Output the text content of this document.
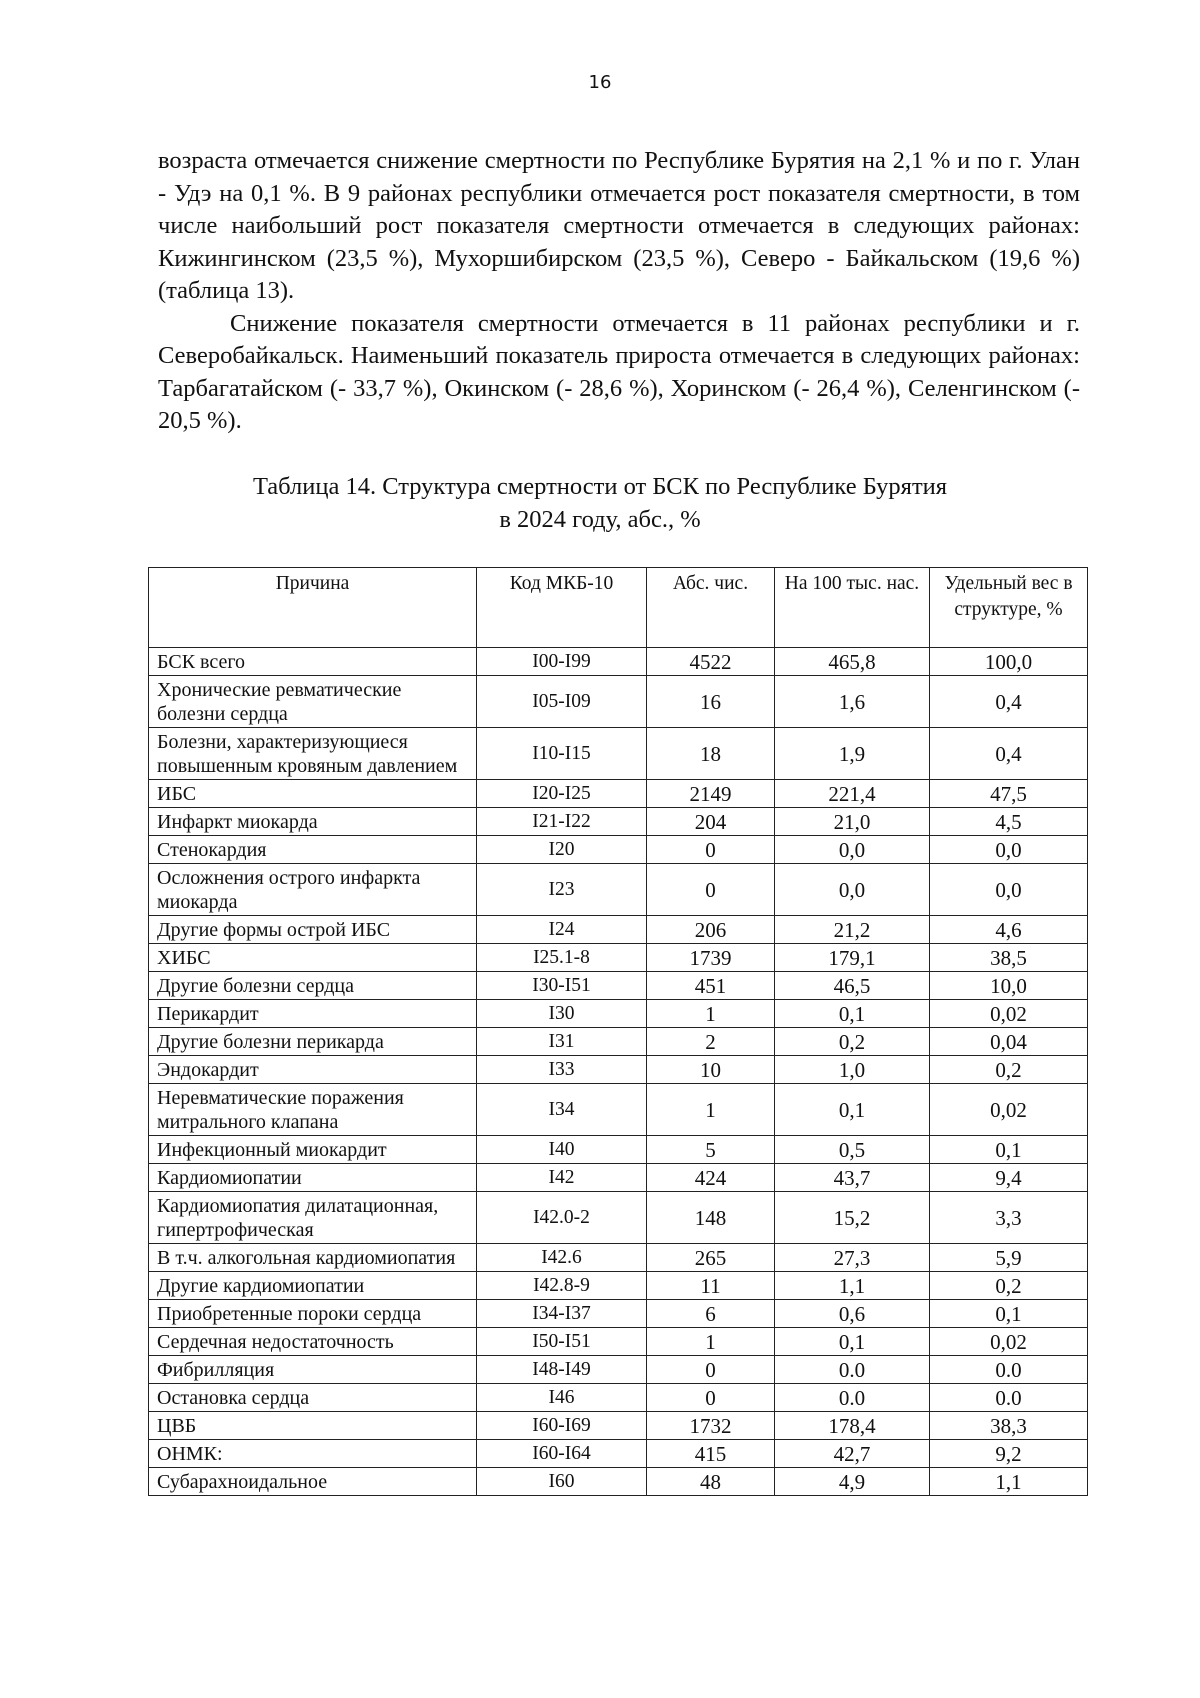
16

возраста отмечается снижение смертности по Республике Бурятия на 2,1 % и по г. Улан - Удэ на 0,1 %. В 9 районах республики отмечается рост показателя смертности, в том числе наибольший рост показателя смертности отмечается в следующих районах: Кижингинском (23,5 %), Мухоршибирском (23,5 %), Северо - Байкальском (19,6 %) (таблица 13).

Снижение показателя смертности отмечается в 11 районах республики и г. Северобайкальск. Наименьший показатель прироста отмечается в следующих районах: Тарбагатайском (- 33,7 %), Окинском (- 28,6 %), Хоринском (- 26,4 %), Селенгинском (- 20,5 %).

Таблица 14. Структура смертности от БСК по Республике Бурятия
в 2024 году, абс., %
Причина	Код МКБ-10	Абс. чис.	На 100 тыс. нас.	Удельный вес в структуре, %
БСК всего	I00-I99	4522	465,8	100,0
Хронические ревматические болезни сердца	I05-I09	16	1,6	0,4
Болезни, характеризующиеся повышенным кровяным давлением	I10-I15	18	1,9	0,4
ИБС	I20-I25	2149	221,4	47,5
Инфаркт миокарда	I21-I22	204	21,0	4,5
Стенокардия	I20	0	0,0	0,0
Осложнения острого инфаркта миокарда	I23	0	0,0	0,0
Другие формы острой ИБС	I24	206	21,2	4,6
ХИБС	I25.1-8	1739	179,1	38,5
Другие болезни сердца	I30-I51	451	46,5	10,0
Перикардит	I30	1	0,1	0,02
Другие болезни перикарда	I31	2	0,2	0,04
Эндокардит	I33	10	1,0	0,2
Неревматические поражения митрального клапана	I34	1	0,1	0,02
Инфекционный миокардит	I40	5	0,5	0,1
Кардиомиопатии	I42	424	43,7	9,4
Кардиомиопатия дилатационная, гипертрофическая	I42.0-2	148	15,2	3,3
В т.ч. алкогольная кардиомиопатия	I42.6	265	27,3	5,9
Другие кардиомиопатии	I42.8-9	11	1,1	0,2
Приобретенные пороки сердца	I34-I37	6	0,6	0,1
Сердечная недостаточность	I50-I51	1	0,1	0,02
Фибрилляция	I48-I49	0	0.0	0.0
Остановка сердца	I46	0	0.0	0.0
ЦВБ	I60-I69	1732	178,4	38,3
ОНМК:	I60-I64	415	42,7	9,2
Субарахноидальное	I60	48	4,9	1,1
